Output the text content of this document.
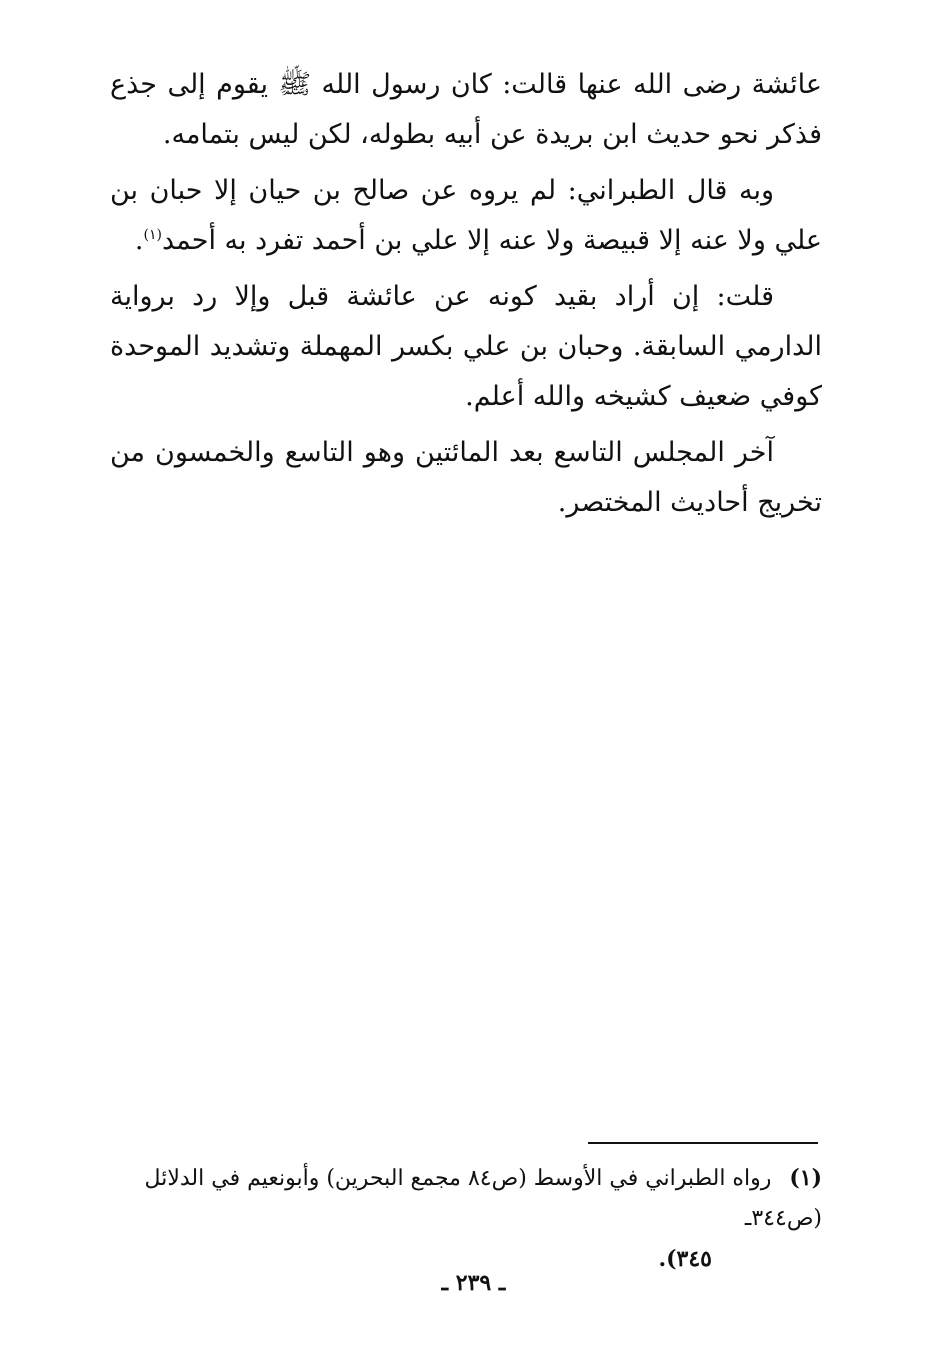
عائشة رضى الله عنها قالت: كان رسول الله ﷺ يقوم إلى جذع فذكر نحو حديث ابن بريدة عن أبيه بطوله، لكن ليس بتمامه.

وبه قال الطبراني: لم يروه عن صالح بن حيان إلا حبان بن علي ولا عنه إلا قبيصة ولا عنه إلا علي بن أحمد تفرد به أحمد$^{(١)}$.

قلت: إن أراد بقيد كونه عن عائشة قبل وإلا رد برواية الدارمي السابقة. وحبان بن علي بكسر المهملة وتشديد الموحدة كوفي ضعيف كشيخه والله أعلم.

آخر المجلس التاسع بعد المائتين وهو التاسع والخمسون من تخريج أحاديث المختصر.

(١)رواه الطبراني في الأوسط (ص٨٤ مجمع البحرين) وأبونعيم في الدلائل (ص٣٤٤ـ
٣٤٥).
ـ ٢٣٩ ـ
